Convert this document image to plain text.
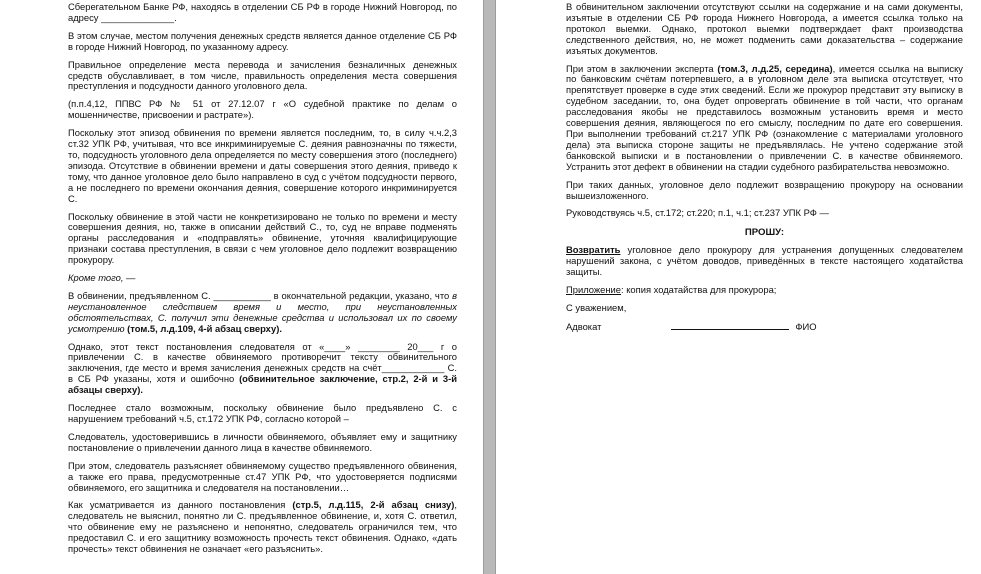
Сберегательном Банке РФ, находясь в отделении СБ РФ в городе Нижний Новгород, по адресу ______________.

В этом случае, местом получения денежных средств является данное отделение СБ РФ в городе Нижний Новгород, по указанному адресу.

Правильное определение места перевода и зачисления безналичных денежных средств обуславливает, в том числе, правильность определения места совершения преступления и подсудности данного уголовного дела.

(п.п.4,12, ППВС РФ № 51 от 27.12.07 г «О судебной практике по делам о мошенничестве, присвоении и растрате»).

Поскольку этот эпизод обвинения по времени является последним, то, в силу ч.ч.2,3 ст.32 УПК РФ, учитывая, что все инкриминируемые С. деяния равнозначны по тяжести, то, подсудность уголовного дела определяется по месту совершения этого (последнего) эпизода. Отсутствие в обвинении времени и даты совершения этого деяния, приведо к тому, что данное уголовное дело было направлено в суд с учётом подсудности первого, а не последнего по времени окончания деяния, совершение которого инкриминируется С.

Поскольку обвинение в этой части не конкретизировано не только по времени и месту совершения деяния, но, также в описании действий С., то, суд не вправе подменять органы расследования и «подправлять» обвинение, уточняя квалифицирующие признаки состава преступления, в связи с чем уголовное дело подлежит возвращению прокурору.

Кроме того, —

В обвинении, предъявленном С. ___________ в окончательной редакции, указано, что в неустановленное следствием время и место, при неустановленных обстоятельствах, С. получил эти денежные средства и использовал их по своему усмотрению (том.5, л.д.109, 4-й абзац сверху).

Однако, этот текст постановления следователя от «____» ________ 20___ г о привлечении С. в качестве обвиняемого противоречит тексту обвинительного заключения, где место и время зачисления денежных средств на счёт____________ С. в СБ РФ указаны, хотя и ошибочно (обвинительное заключение, стр.2, 2-й и 3-й абзацы сверху).

Последнее стало возможным, поскольку обвинение было предъявлено С. с нарушением требований ч.5, ст.172 УПК РФ, согласно которой –

Следователь, удостоверившись в личности обвиняемого, объявляет ему и защитнику постановление о привлечении данного лица в качестве обвиняемого.

При этом, следователь разъясняет обвиняемому существо предъявленного обвинения, а также его права, предусмотренные ст.47 УПК РФ, что удостоверяется подписями обвиняемого, его защитника и следователя на постановлении…

Как усматривается из данного постановления (стр.5, л.д.115, 2-й абзац снизу), следователь не выяснил, понятно ли С. предъявленное обвинение, и, хотя С. ответил, что обвинение ему не разъяснено и непонятно, следователь ограничился тем, что предоставил С. и его защитнику возможность прочесть текст обвинения. Однако, «дать прочесть» текст обвинения не означает «его разъяснить».

В обвинительном заключении отсутствуют ссылки на содержание и на сами документы, изъятые в отделении СБ РФ города Нижнего Новгорода, а имеется ссылка только на протокол выемки. Однако, протокол выемки подтверждает факт производства следственного действия, но, не может подменить сами доказательства – содержание изъятых документов.

При этом в заключении эксперта (том.3, л.д.25, середина), имеется ссылка на выписку по банковским счётам потерпевшего, а в уголовном деле эта выписка отсутствует, что препятствует проверке в суде этих сведений. Если же прокурор представит эту выписку в судебном заседании, то, она будет опровергать обвинение в той части, что органам расследования якобы не представилось возможным установить время и место совершения деяния, являющегося по его смыслу, последним по дате его совершения. При выполнении требований ст.217 УПК РФ (ознакомление с материалами уголовного дела) эта выписка стороне защиты не предъявлялась. Не учтено содержание этой банковской выписки и в постановлении о привлечении С. в качестве обвиняемого. Устранить этот дефект в обвинении на стадии судебного разбирательства невозможно.

При таких данных, уголовное дело подлежит возвращению прокурору на основании вышеизложенного.

Руководствуясь ч.5, ст.172; ст.220; п.1, ч.1; ст.237 УПК РФ —

ПРОШУ:

Возвратить уголовное дело прокурору для устранения допущенных следователем нарушений закона, с учётом доводов, приведённых в тексте настоящего ходатайства защиты.

Приложение: копия ходатайства для прокурора;

С уважением,

Адвокат	ФИО
